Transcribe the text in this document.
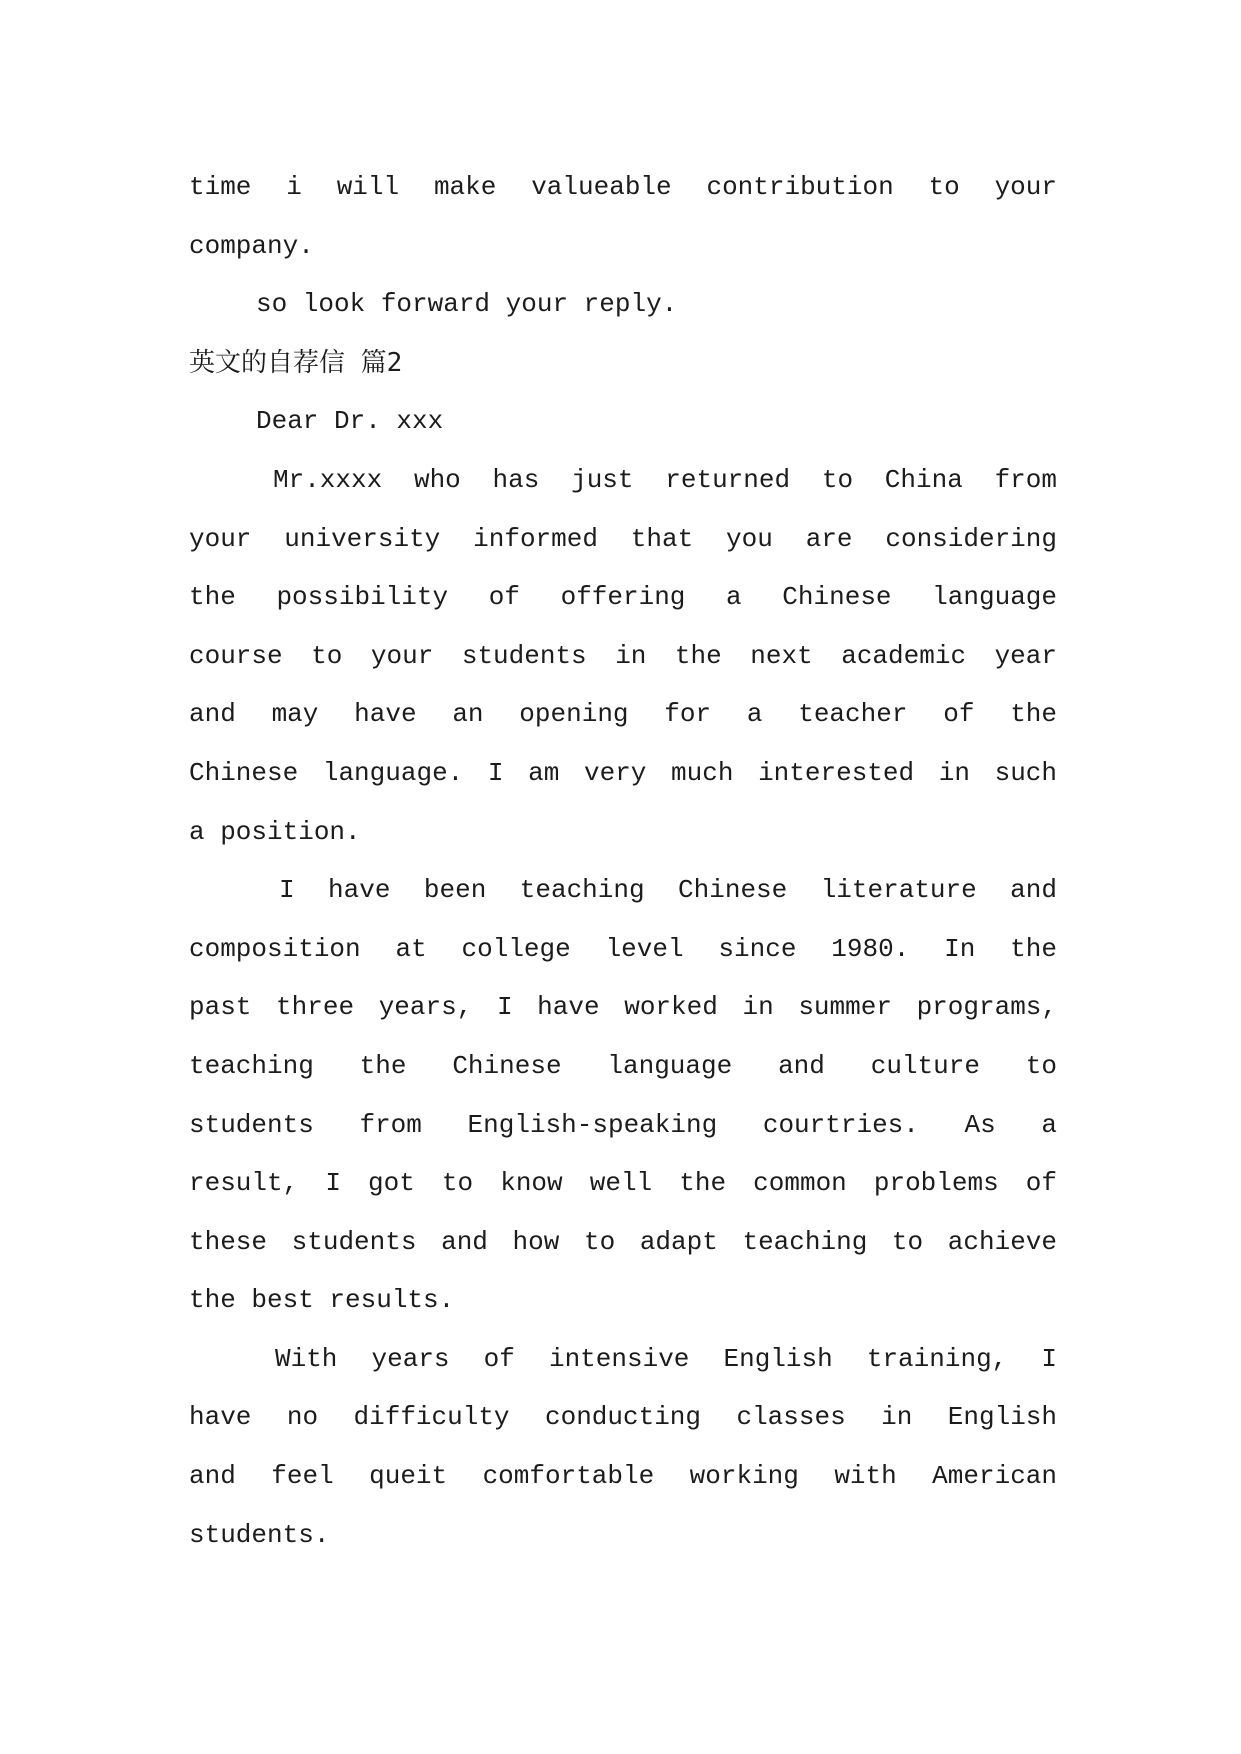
time i will make valueable contribution to your
company.
so look forward your reply.
英文的自荐信 篇2
Dear Dr. xxx
Mr.xxxx who has just returned to China from
your university informed that you are considering
the possibility of offering a Chinese language
course to your students in the next academic year
and may have an opening for a teacher of the
Chinese language. I am very much interested in such
a position.
I have been teaching Chinese literature and
composition at college level since 1980. In the
past three years, I have worked in summer programs,
teaching the Chinese language and culture to
students from English-speaking courtries. As a
result, I got to know well the common problems of
these students and how to adapt teaching to achieve
the best results.
With years of intensive English training, I
have no difficulty conducting classes in English
and feel queit comfortable working with American
students.
